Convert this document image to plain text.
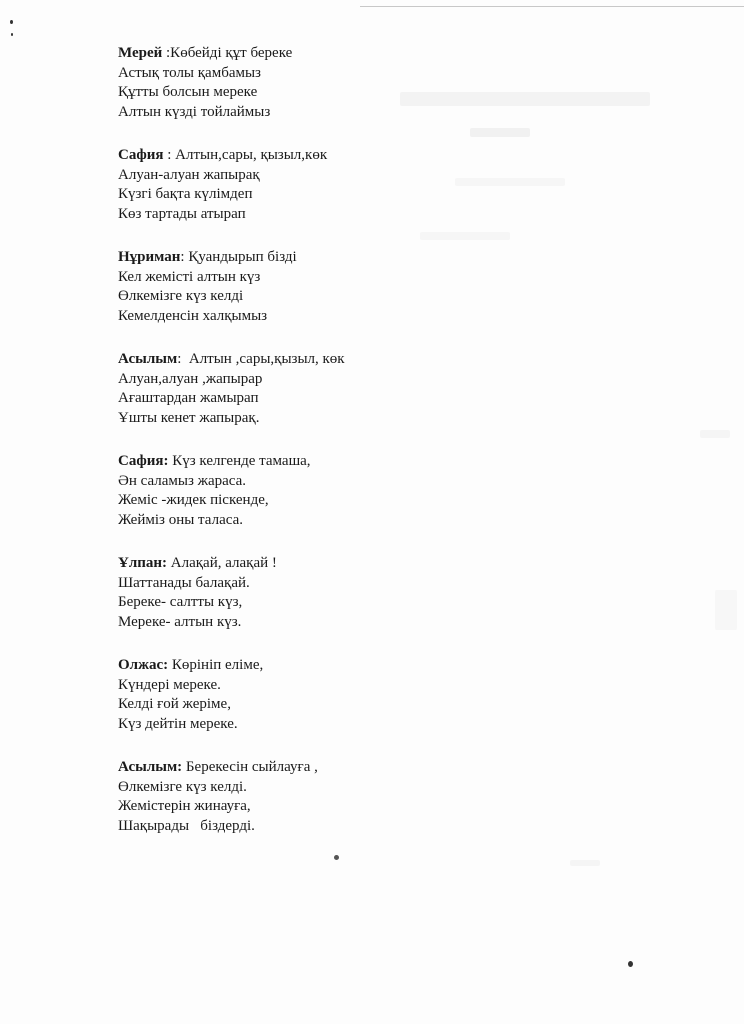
Мерей :Көбейді құт береке
Астық толы қамбамыз
Құтты болсын мереке
Алтын күзді тойлаймыз
Сафия : Алтын,сары, қызыл,көк
Алуан-алуан жапырақ
Күзгі бақта күлімдеп
Көз тартады атырап
Нұриман: Қуандырып бізді
Кел жемісті алтын күз
Өлкемізге күз келді
Кемелденсін халқымыз
Асылым:  Алтын ,сары,қызыл, көк
Алуан,алуан ,жапырар
Ағаштардан жамырап
Ұшты кенет жапырақ.
Сафия: Күз келгенде тамаша,
Ән саламыз жараса.
Жеміс -жидек піскенде,
Жейміз оны таласа.
Ұлпан: Алақай, алақай !
Шаттанады балақай.
Береке- салтты күз,
Мереке- алтын күз.
Олжас: Көрініп еліме,
Күндері мереке.
Келді ғой жеріме,
Күз дейтін мереке.
Асылым: Берекесін сыйлауға ,
Өлкемізге күз келді.
Жемістерін жинауға,
Шақырады   біздерді.
